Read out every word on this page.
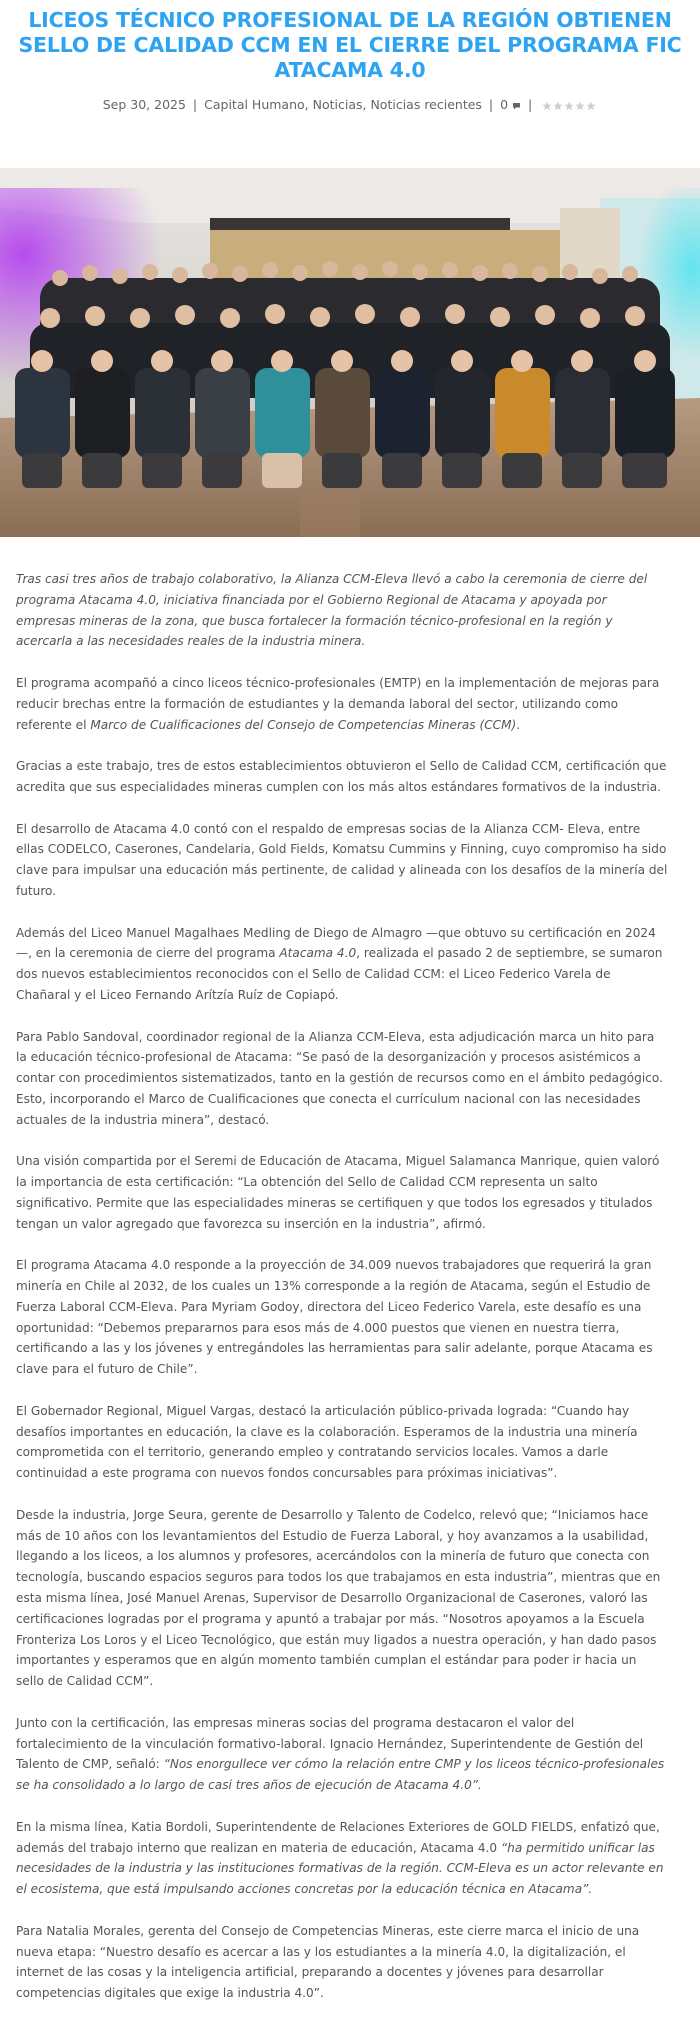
LICEOS TÉCNICO PROFESIONAL DE LA REGIÓN OBTIENEN SELLO DE CALIDAD CCM EN EL CIERRE DEL PROGRAMA FIC ATACAMA 4.0
Sep 30, 2025 | Capital Humano, Noticias, Noticias recientes | 0 |

Tras casi tres años de trabajo colaborativo, la Alianza CCM-Eleva llevó a cabo la ceremonia de cierre del programa Atacama 4.0, iniciativa financiada por el Gobierno Regional de Atacama y apoyada por empresas mineras de la zona, que busca fortalecer la formación técnico-profesional en la región y acercarla a las necesidades reales de la industria minera.

El programa acompañó a cinco liceos técnico-profesionales (EMTP) en la implementación de mejoras para reducir brechas entre la formación de estudiantes y la demanda laboral del sector, utilizando como referente el Marco de Cualificaciones del Consejo de Competencias Mineras (CCM).

Gracias a este trabajo, tres de estos establecimientos obtuvieron el Sello de Calidad CCM, certificación que acredita que sus especialidades mineras cumplen con los más altos estándares formativos de la industria.

El desarrollo de Atacama 4.0 contó con el respaldo de empresas socias de la Alianza CCM- Eleva, entre ellas CODELCO, Caserones, Candelaria, Gold Fields, Komatsu Cummins y Finning, cuyo compromiso ha sido clave para impulsar una educación más pertinente, de calidad y alineada con los desafíos de la minería del futuro.

Además del Liceo Manuel Magalhaes Medling de Diego de Almagro —que obtuvo su certificación en 2024—, en la ceremonia de cierre del programa Atacama 4.0, realizada el pasado 2 de septiembre, se sumaron dos nuevos establecimientos reconocidos con el Sello de Calidad CCM: el Liceo Federico Varela de Chañaral y el Liceo Fernando Arítzía Ruíz de Copiapó.

Para Pablo Sandoval, coordinador regional de la Alianza CCM-Eleva, esta adjudicación marca un hito para la educación técnico-profesional de Atacama: “Se pasó de la desorganización y procesos asistémicos a contar con procedimientos sistematizados, tanto en la gestión de recursos como en el ámbito pedagógico. Esto, incorporando el Marco de Cualificaciones que conecta el currículum nacional con las necesidades actuales de la industria minera”, destacó.

Una visión compartida por el Seremi de Educación de Atacama, Miguel Salamanca Manrique, quien valoró la importancia de esta certificación: “La obtención del Sello de Calidad CCM representa un salto significativo. Permite que las especialidades mineras se certifiquen y que todos los egresados y titulados tengan un valor agregado que favorezca su inserción en la industria”, afirmó.

El programa Atacama 4.0 responde a la proyección de 34.009 nuevos trabajadores que requerirá la gran minería en Chile al 2032, de los cuales un 13% corresponde a la región de Atacama, según el Estudio de Fuerza Laboral CCM-Eleva. Para Myriam Godoy, directora del Liceo Federico Varela, este desafío es una oportunidad: “Debemos prepararnos para esos más de 4.000 puestos que vienen en nuestra tierra, certificando a las y los jóvenes y entregándoles las herramientas para salir adelante, porque Atacama es clave para el futuro de Chile”.

El Gobernador Regional, Miguel Vargas, destacó la articulación público-privada lograda: “Cuando hay desafíos importantes en educación, la clave es la colaboración. Esperamos de la industria una minería comprometida con el territorio, generando empleo y contratando servicios locales. Vamos a darle continuidad a este programa con nuevos fondos concursables para próximas iniciativas”.

Desde la industria, Jorge Seura, gerente de Desarrollo y Talento de Codelco, relevó que; “Iniciamos hace más de 10 años con los levantamientos del Estudio de Fuerza Laboral, y hoy avanzamos a la usabilidad, llegando a los liceos, a los alumnos y profesores, acercándolos con la minería de futuro que conecta con tecnología, buscando espacios seguros para todos los que trabajamos en esta industria”, mientras que en esta misma línea, José Manuel Arenas, Supervisor de Desarrollo Organizacional de Caserones, valoró las certificaciones logradas por el programa y apuntó a trabajar por más. “Nosotros apoyamos a la Escuela Fronteriza Los Loros y el Liceo Tecnológico, que están muy ligados a nuestra operación, y han dado pasos importantes y esperamos que en algún momento también cumplan el estándar para poder ir hacia un sello de Calidad CCM”.

Junto con la certificación, las empresas mineras socias del programa destacaron el valor del fortalecimiento de la vinculación formativo-laboral. Ignacio Hernández, Superintendente de Gestión del Talento de CMP, señaló: “Nos enorgullece ver cómo la relación entre CMP y los liceos técnico-profesionales se ha consolidado a lo largo de casi tres años de ejecución de Atacama 4.0”.

En la misma línea, Katia Bordoli, Superintendente de Relaciones Exteriores de GOLD FIELDS, enfatizó que, además del trabajo interno que realizan en materia de educación, Atacama 4.0 “ha permitido unificar las necesidades de la industria y las instituciones formativas de la región. CCM-Eleva es un actor relevante en el ecosistema, que está impulsando acciones concretas por la educación técnica en Atacama”.

Para Natalia Morales, gerenta del Consejo de Competencias Mineras, este cierre marca el inicio de una nueva etapa: “Nuestro desafío es acercar a las y los estudiantes a la minería 4.0, la digitalización, el internet de las cosas y la inteligencia artificial, preparando a docentes y jóvenes para desarrollar competencias digitales que exige la industria 4.0”.
